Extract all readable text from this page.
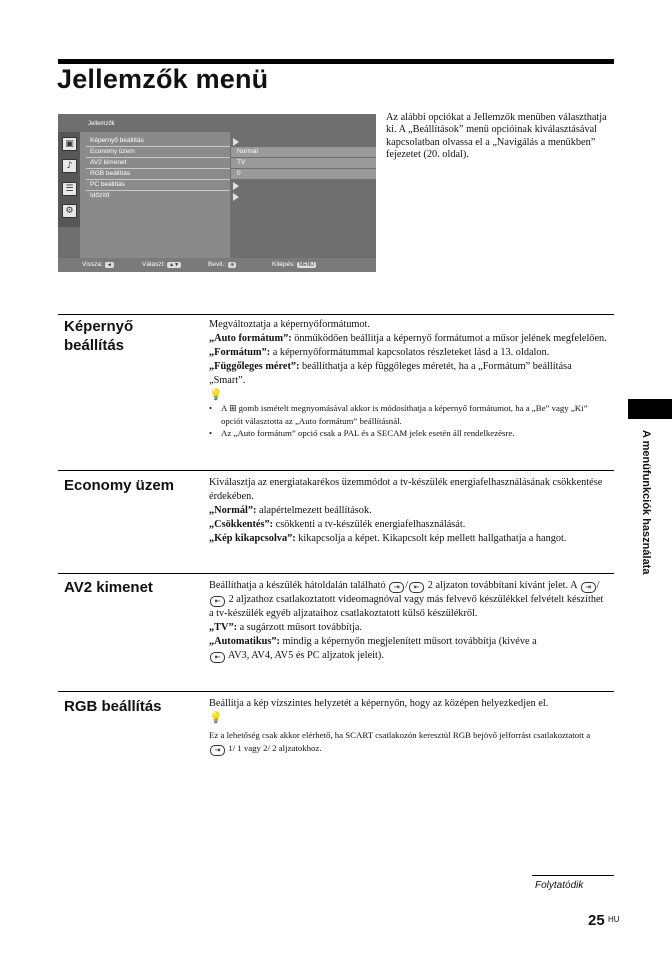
Jellemzők menü
Jellemzők
▣
♪
☰
⚙
Képernyő beállítás
Economy üzem
AV2 kimenet
RGB beállítás
PC beállítás
Időzítő
Normál
TV
0
Vissza: ◄	Választ: ▲▼	Bevit.: ⊕	Kilépés: MENU
Az alábbi opciókat a Jellemzők menüben választhatja ki. A „Beállítások” menü opcióinak kiválasztásával kapcsolatban olvassa el a „Navigálás a menükben” fejezetet (20. oldal).
Képernyő beállítás

Megváltoztatja a képernyőformátumot.

„Auto formátum”: önműködően beállítja a képernyő formátumot a műsor jelének megfelelően.

„Formátum”: a képernyőformátummal kapcsolatos részleteket lásd a 13. oldalon.

„Függőleges méret”: beállíthatja a kép függőleges méretét, ha a „Formátum” beállítása „Smart”.

💡
•	A ⊞ gomb ismételt megnyomásával akkor is módosíthatja a képernyő formátumot, ha a „Be” vagy „Ki” opciót választotta az „Auto formátum” beállításnál.
•	Az „Auto formátum” opció csak a PAL és a SECAM jelek esetén áll rendelkezésre.
Economy üzem	Kiválasztja az energiatakarékos üzemmódot a tv-készülék energiafelhasználásának csökkentése érdekében.

„Normál”: alapértelmezett beállítások.

„Csökkentés”: csökkenti a tv-készülék energiafelhasználását.

„Kép kikapcsolva”: kikapcsolja a képet. Kikapcsolt kép mellett hallgathatja a hangot.

AV2 kimenet	Beállíthatja a készülék hátoldalán található ⇥ / ⇤ 2 aljzaton továbbítani kívánt jelet. A ⇥ /⇤ 2 aljzathoz csatlakoztatott videomagnóval vagy más felvevő készülékkel felvételt készíthet a tv-készülék egyéb aljzataihoz csatlakoztatott külső készülékről.

„TV”: a sugárzott műsort továbbítja.

„Automatikus”: mindig a képernyőn megjelenített műsort továbbítja (kivéve a
⇤ AV3, AV4, AV5 és PC aljzatok jeleit).

RGB beállítás	Beállítja a kép vízszintes helyzetét a képernyőn, hogy az középen helyezkedjen el.

💡
Ez a lehetőség csak akkor elérhető, ha SCART csatlakozón keresztül RGB bejövő jelforrást csatlakoztatott a ⇥ 1/ 1 vagy 2/ 2 aljzatokhoz.
A menüfunkciók használata
Folytatódik
25 HU
